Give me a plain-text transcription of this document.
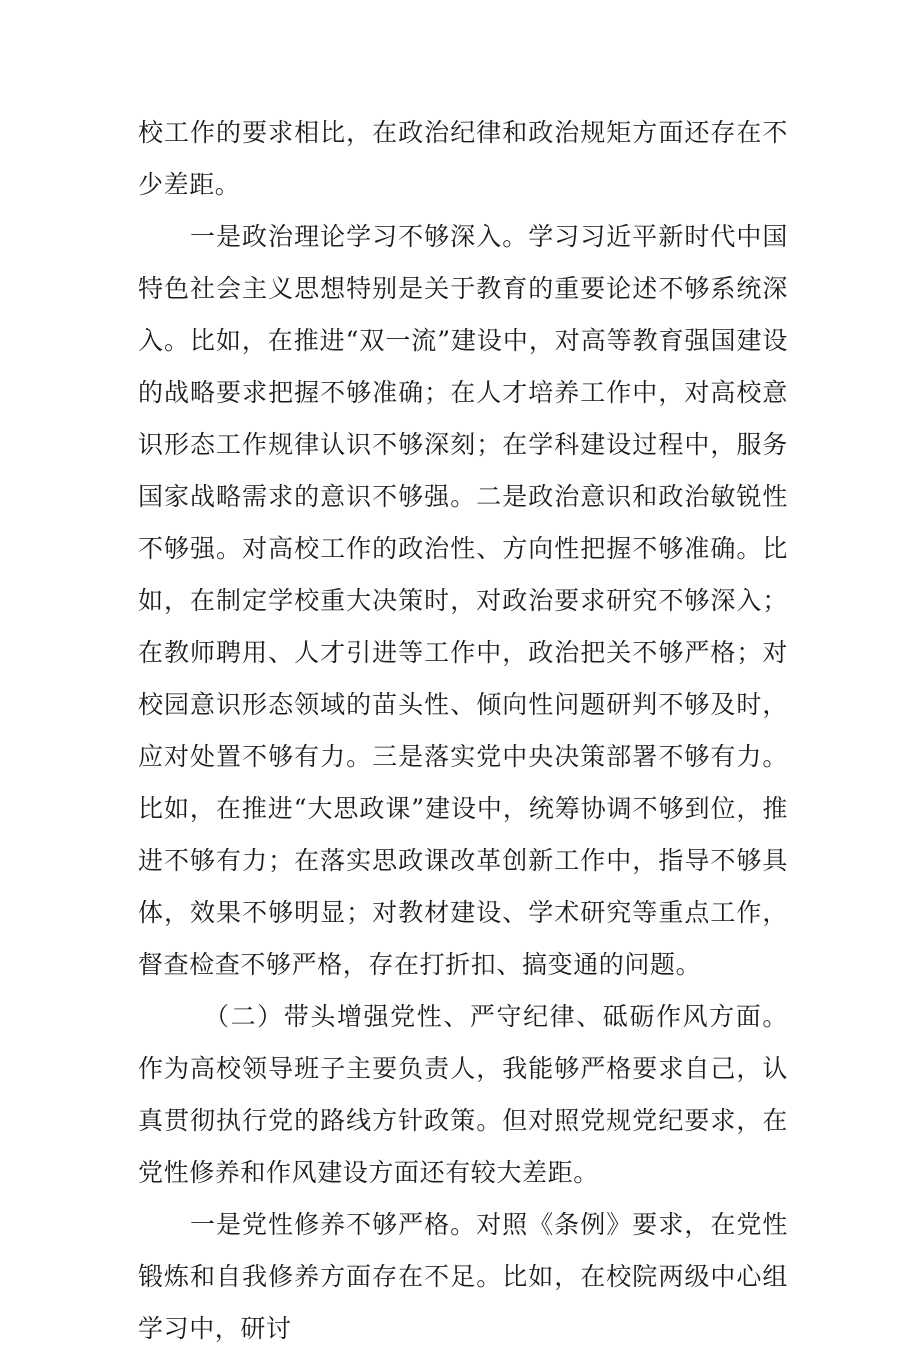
校工作的要求相比，在政治纪律和政治规矩方面还存在不少差距。

一是政治理论学习不够深入。学习习近平新时代中国特色社会主义思想特别是关于教育的重要论述不够系统深入。比如，在推进“双一流”建设中，对高等教育强国建设的战略要求把握不够准确；在人才培养工作中，对高校意识形态工作规律认识不够深刻；在学科建设过程中，服务国家战略需求的意识不够强。二是政治意识和政治敏锐性不够强。对高校工作的政治性、方向性把握不够准确。比如，在制定学校重大决策时，对政治要求研究不够深入；在教师聘用、人才引进等工作中，政治把关不够严格；对校园意识形态领域的苗头性、倾向性问题研判不够及时，应对处置不够有力。三是落实党中央决策部署不够有力。比如，在推进“大思政课”建设中，统筹协调不够到位，推进不够有力；在落实思政课改革创新工作中，指导不够具体，效果不够明显；对教材建设、学术研究等重点工作，督查检查不够严格，存在打折扣、搞变通的问题。

（二）带头增强党性、严守纪律、砥砺作风方面。作为高校领导班子主要负责人，我能够严格要求自己，认真贯彻执行党的路线方针政策。但对照党规党纪要求，在党性修养和作风建设方面还有较大差距。

一是党性修养不够严格。对照《条例》要求，在党性锻炼和自我修养方面存在不足。比如，在校院两级中心组学习中，研讨
